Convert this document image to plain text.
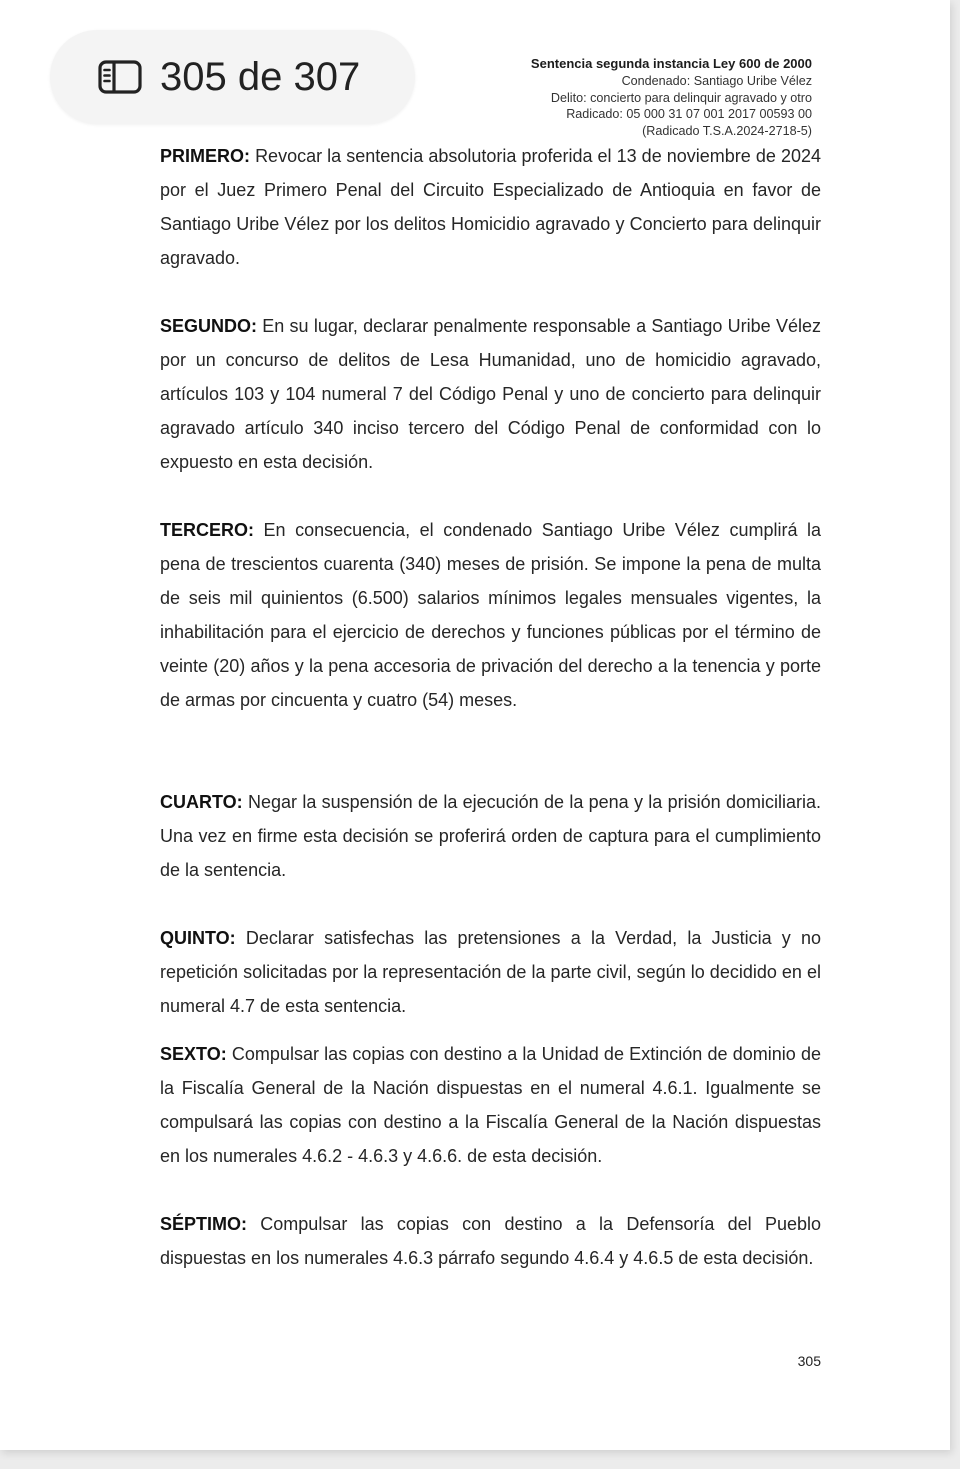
Sentencia segunda instancia Ley 600 de 2000
Condenado: Santiago Uribe Vélez
Delito: concierto para delinquir agravado y otro
Radicado: 05 000 31 07 001 2017 00593 00
(Radicado T.S.A.2024-2718-5)

PRIMERO: Revocar la sentencia absolutoria proferida el 13 de noviembre de 2024 por el Juez Primero Penal del Circuito Especializado de Antioquia en favor de Santiago Uribe Vélez por los delitos Homicidio agravado y Concierto para delinquir agravado.

SEGUNDO: En su lugar, declarar penalmente responsable a Santiago Uribe Vélez por un concurso de delitos de Lesa Humanidad, uno de homicidio agravado, artículos 103 y 104 numeral 7 del Código Penal y uno de concierto para delinquir agravado artículo 340 inciso tercero del Código Penal de conformidad con lo expuesto en esta decisión.

TERCERO: En consecuencia, el condenado Santiago Uribe Vélez cumplirá la pena de trescientos cuarenta (340) meses de prisión. Se impone la pena de multa de seis mil quinientos (6.500) salarios mínimos legales mensuales vigentes, la inhabilitación para el ejercicio de derechos y funciones públicas por el término de veinte (20) años y la pena accesoria de privación del derecho a la tenencia y porte de armas por cincuenta y cuatro (54) meses.

CUARTO: Negar la suspensión de la ejecución de la pena y la prisión domiciliaria. Una vez en firme esta decisión se proferirá orden de captura para el cumplimiento de la sentencia.

QUINTO: Declarar satisfechas las pretensiones a la Verdad, la Justicia y no repetición solicitadas por la representación de la parte civil, según lo decidido en el numeral 4.7 de esta sentencia.

SEXTO: Compulsar las copias con destino a la Unidad de Extinción de dominio de la Fiscalía General de la Nación dispuestas en el numeral 4.6.1. Igualmente se compulsará las copias con destino a la Fiscalía General de la Nación dispuestas en los numerales 4.6.2 - 4.6.3 y 4.6.6. de esta decisión.

SÉPTIMO: Compulsar las copias con destino a la Defensoría del Pueblo dispuestas en los numerales 4.6.3 párrafo segundo 4.6.4 y 4.6.5 de esta decisión.

305
305 de 307
